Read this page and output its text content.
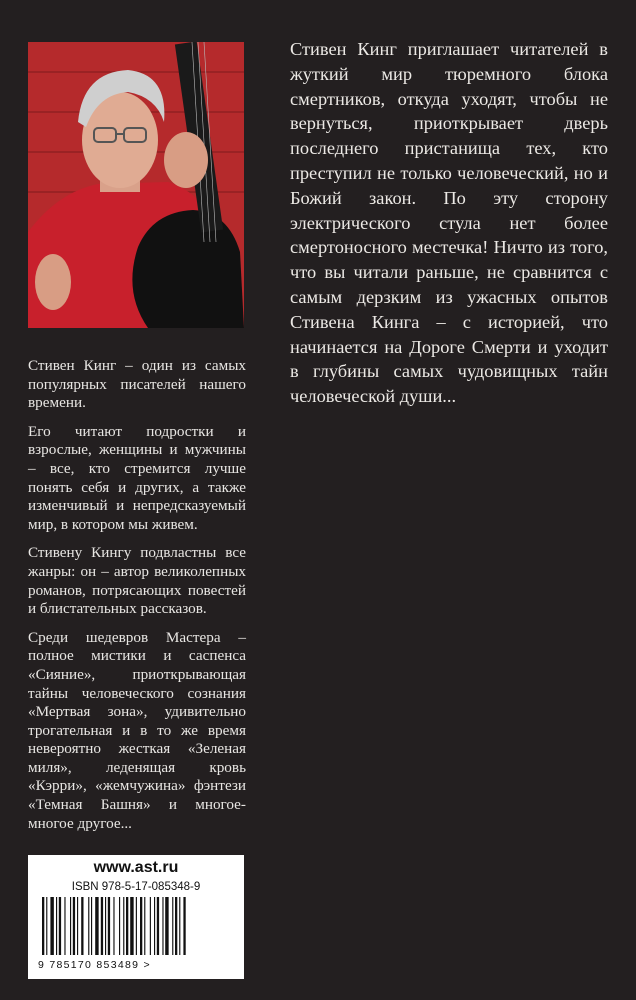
Стивен Кинг – один из самых популярных писателей нашего времени.

Его читают подростки и взрослые, женщины и мужчины – все, кто стремится лучше понять себя и других, а также изменчивый и непредсказуемый мир, в котором мы живем.

Стивену Кингу подвластны все жанры: он – автор великолепных романов, потрясающих повестей и блистательных рассказов.

Среди шедевров Мастера – полное мистики и саспенса «Сияние», приоткрывающая тайны человеческого сознания «Мертвая зона», удивительно трогательная и в то же время невероятно жесткая «Зеленая миля», леденящая кровь «Кэрри», «жемчужина» фэнтези «Темная Башня» и многое-многое другое...

Стивен Кинг приглашает читателей в жуткий мир тюремного блока смертников, откуда уходят, чтобы не вернуться, приоткрывает дверь последнего пристанища тех, кто преступил не только человеческий, но и Божий закон. По эту сторону электрического стула нет более смертоносного местечка! Ничто из того, что вы читали раньше, не сравнится с самым дерзким из ужасных опытов Стивена Кинга – с историей, что начинается на Дороге Смерти и уходит в глубины самых чудовищных тайн человеческой души...

www.ast.ru
ISBN 978-5-17-085348-9
9 785170 853489 >
